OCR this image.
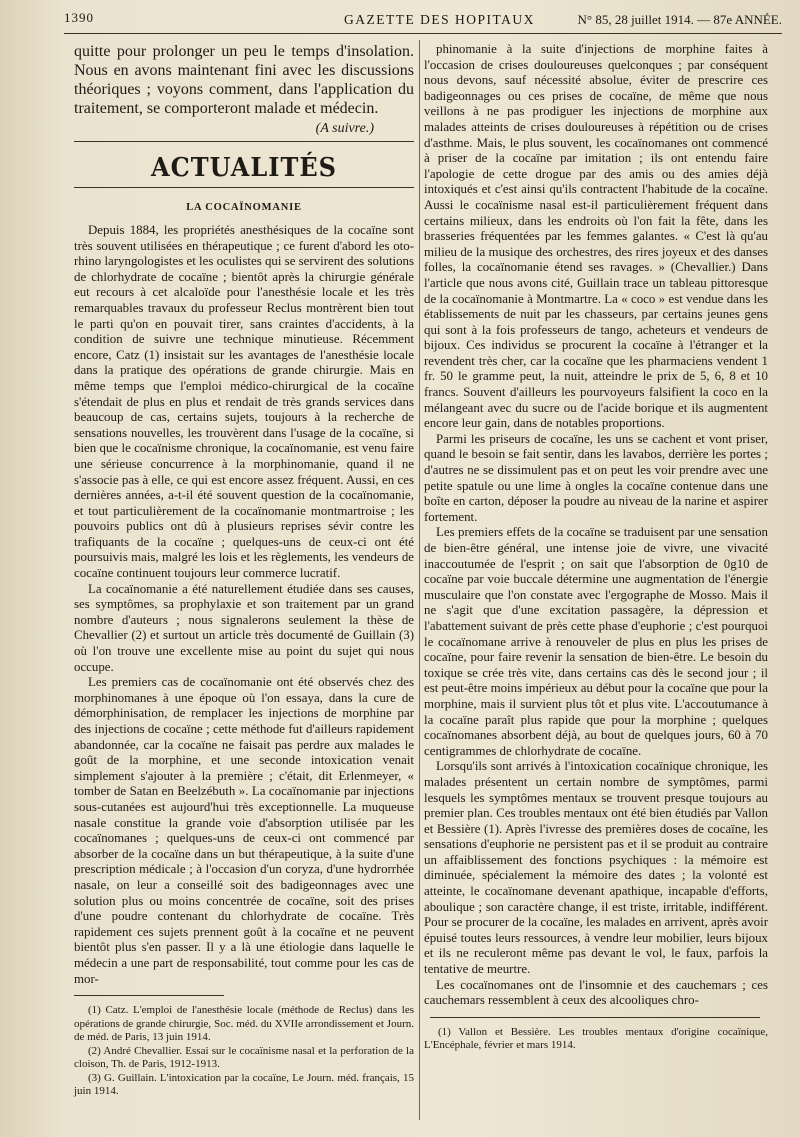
1390	GAZETTE DES HOPITAUX	N° 85, 28 juillet 1914. — 87e ANNÉE.

quitte pour prolonger un peu le temps d'insolation. Nous en avons maintenant fini avec les discussions théoriques ; voyons comment, dans l'application du traitement, se comporteront malade et médecin.

(A suivre.)

ACTUALITÉS
LA COCAÏNOMANIE

Depuis 1884, les propriétés anesthésiques de la cocaïne sont très souvent utilisées en thérapeutique ; ce furent d'abord les oto-rhino laryngologistes et les oculistes qui se servirent des solutions de chlorhydrate de cocaïne ; bientôt après la chirurgie générale eut recours à cet alcaloïde pour l'anesthésie locale et les très remarquables travaux du professeur Reclus montrèrent bien tout le parti qu'on en pouvait tirer, sans craintes d'accidents, à la condition de suivre une technique minutieuse. Récemment encore, Catz (1) insistait sur les avantages de l'anesthésie locale dans la pratique des opérations de grande chirurgie. Mais en même temps que l'emploi médico-chirurgical de la cocaïne s'étendait de plus en plus et rendait de très grands services dans beaucoup de cas, certains sujets, toujours à la recherche de sensations nouvelles, les trouvèrent dans l'usage de la cocaïne, si bien que le cocaïnisme chronique, la cocaïnomanie, est venu faire une sérieuse concurrence à la morphinomanie, quand il ne s'associe pas à elle, ce qui est encore assez fréquent. Aussi, en ces dernières années, a-t-il été souvent question de la cocaïnomanie, et tout particulièrement de la cocaïnomanie montmartroise ; les pouvoirs publics ont dû à plusieurs reprises sévir contre les trafiquants de la cocaïne ; quelques-uns de ceux-ci ont été poursuivis mais, malgré les lois et les règlements, les vendeurs de cocaïne continuent toujours leur commerce lucratif.

La cocaïnomanie a été naturellement étudiée dans ses causes, ses symptômes, sa prophylaxie et son traitement par un grand nombre d'auteurs ; nous signalerons seulement la thèse de Chevallier (2) et surtout un article très documenté de Guillain (3) où l'on trouve une excellente mise au point du sujet qui nous occupe.

Les premiers cas de cocaïnomanie ont été observés chez des morphinomanes à une époque où l'on essaya, dans la cure de démorphinisation, de remplacer les injections de morphine par des injections de cocaïne ; cette méthode fut d'ailleurs rapidement abandonnée, car la cocaïne ne faisait pas perdre aux malades le goût de la morphine, et une seconde intoxication venait simplement s'ajouter à la première ; c'était, dit Erlenmeyer, « tomber de Satan en Beelzébuth ». La cocaïnomanie par injections sous-cutanées est aujourd'hui très exceptionnelle. La muqueuse nasale constitue la grande voie d'absorption utilisée par les cocaïnomanes ; quelques-uns de ceux-ci ont commencé par absorber de la cocaïne dans un but thérapeutique, à la suite d'une prescription médicale ; à l'occasion d'un coryza, d'une hydrorrhée nasale, on leur a conseillé soit des badigeonnages avec une solution plus ou moins concentrée de cocaïne, soit des prises d'une poudre contenant du chlorhydrate de cocaïne. Très rapidement ces sujets prennent goût à la cocaïne et ne peuvent bientôt plus s'en passer. Il y a là une étiologie dans laquelle le médecin a une part de responsabilité, tout comme pour les cas de mor-

(1) Catz. L'emploi de l'anesthésie locale (méthode de Reclus) dans les opérations de grande chirurgie, Soc. méd. du XVIIe arrondissement et Journ. de méd. de Paris, 13 juin 1914.

(2) André Chevallier. Essai sur le cocaïnisme nasal et la perforation de la cloison, Th. de Paris, 1912-1913.

(3) G. Guillain. L'intoxication par la cocaïne, Le Journ. méd. français, 15 juin 1914.

phinomanie à la suite d'injections de morphine faites à l'occasion de crises douloureuses quelconques ; par conséquent nous devons, sauf nécessité absolue, éviter de prescrire ces badigeonnages ou ces prises de cocaïne, de même que nous veillons à ne pas prodiguer les injections de morphine aux malades atteints de crises douloureuses à répétition ou de crises d'asthme. Mais, le plus souvent, les cocaïnomanes ont commencé à priser de la cocaïne par imitation ; ils ont entendu faire l'apologie de cette drogue par des amis ou des amies déjà intoxiqués et c'est ainsi qu'ils contractent l'habitude de la cocaïne. Aussi le cocaïnisme nasal est-il particulièrement fréquent dans certains milieux, dans les endroits où l'on fait la fête, dans les brasseries fréquentées par les femmes galantes. « C'est là qu'au milieu de la musique des orchestres, des rires joyeux et des danses folles, la cocaïnomanie étend ses ravages. » (Chevallier.) Dans l'article que nous avons cité, Guillain trace un tableau pittoresque de la cocaïnomanie à Montmartre. La « coco » est vendue dans les établissements de nuit par les chasseurs, par certains jeunes gens qui sont à la fois professeurs de tango, acheteurs et vendeurs de bijoux. Ces individus se procurent la cocaïne à l'étranger et la revendent très cher, car la cocaïne que les pharmaciens vendent 1 fr. 50 le gramme peut, la nuit, atteindre le prix de 5, 6, 8 et 10 francs. Souvent d'ailleurs les pourvoyeurs falsifient la coco en la mélangeant avec du sucre ou de l'acide borique et ils augmentent encore leur gain, dans de notables proportions.

Parmi les priseurs de cocaïne, les uns se cachent et vont priser, quand le besoin se fait sentir, dans les lavabos, derrière les portes ; d'autres ne se dissimulent pas et on peut les voir prendre avec une petite spatule ou une lime à ongles la cocaïne contenue dans une boîte en carton, déposer la poudre au niveau de la narine et aspirer fortement.

Les premiers effets de la cocaïne se traduisent par une sensation de bien-être général, une intense joie de vivre, une vivacité inaccoutumée de l'esprit ; on sait que l'absorption de 0g10 de cocaïne par voie buccale détermine une augmentation de l'énergie musculaire que l'on constate avec l'ergographe de Mosso. Mais il ne s'agit que d'une excitation passagère, la dépression et l'abattement suivant de près cette phase d'euphorie ; c'est pourquoi le cocaïnomane arrive à renouveler de plus en plus les prises de cocaïne, pour faire revenir la sensation de bien-être. Le besoin du toxique se crée très vite, dans certains cas dès le second jour ; il est peut-être moins impérieux au début pour la cocaïne que pour la morphine, mais il survient plus tôt et plus vite. L'accoutumance à la cocaïne paraît plus rapide que pour la morphine ; quelques cocaïnomanes absorbent déjà, au bout de quelques jours, 60 à 70 centigrammes de chlorhydrate de cocaïne.

Lorsqu'ils sont arrivés à l'intoxication cocaïnique chronique, les malades présentent un certain nombre de symptômes, parmi lesquels les symptômes mentaux se trouvent presque toujours au premier plan. Ces troubles mentaux ont été bien étudiés par Vallon et Bessière (1). Après l'ivresse des premières doses de cocaïne, les sensations d'euphorie ne persistent pas et il se produit au contraire un affaiblissement des fonctions psychiques : la mémoire est diminuée, spécialement la mémoire des dates ; la volonté est atteinte, le cocaïnomane devenant apathique, incapable d'efforts, aboulique ; son caractère change, il est triste, irritable, indifférent. Pour se procurer de la cocaïne, les malades en arrivent, après avoir épuisé toutes leurs ressources, à vendre leur mobilier, leurs bijoux et ils ne reculeront même pas devant le vol, le faux, parfois la tentative de meurtre.

Les cocaïnomanes ont de l'insomnie et des cauchemars ; ces cauchemars ressemblent à ceux des alcooliques chro-

(1) Vallon et Bessière. Les troubles mentaux d'origine cocaïnique, L'Encéphale, février et mars 1914.
